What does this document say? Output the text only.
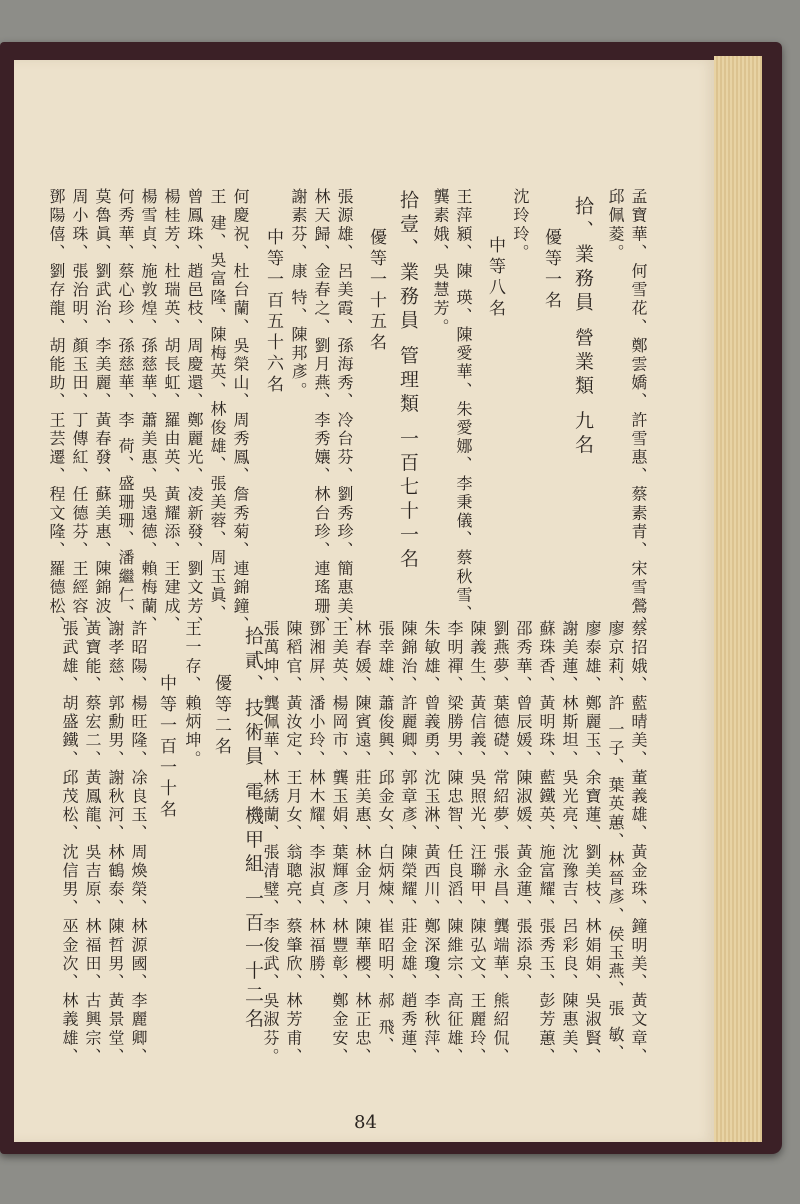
84
孟寶華、何雪花、鄭雲嬌、許雪惠、蔡素青、宋雪鶯、
邱佩菱。
拾、業務員 營業類 九名
優等一名
沈玲玲。
中等八名
王萍潁、陳 瑛、陳愛華、朱愛娜、李秉儀、蔡秋雪、
龔素娥、吳慧芳。
拾壹、業務員 管理類 一百七十一名
優等一十五名
張源雄、呂美霞、孫海秀、冷台芬、劉秀珍、簡惠美、
林天歸、金春之、劉月燕、李秀孃、林台珍、連瑤珊、
謝素芬、康 特、陳邦彥。
中等一百五十六名
何慶祝、杜台蘭、吳榮山、周秀鳳、詹秀菊、連錦鐘、
王 建、吳富隆、陳梅英、林俊雄、張美蓉、周玉眞、
曾鳳珠、趙邑枝、周慶還、鄭麗光、凌新發、劉文芳、
楊桂芳、杜瑞英、胡長虹、羅由英、黃耀添、王建成、
楊雪貞、施敦煌、孫慈華、蕭美惠、吳遠德、賴梅蘭、
何秀華、蔡心珍、孫慈華、李 荷、盛珊珊、潘繼仁、
莫魯眞、劉武治、李美麗、黃春發、蘇美惠、陳錦波、
周小珠、張治明、顏玉田、丁傳紅、任德芬、王經容、
鄧陽僖、劉存龍、胡能助、王芸遷、程文隆、羅德松、
蔡招娥、藍晴美、董義雄、黃金珠、鐘明美、黃文章、
廖京莉、許 一子、葉英蕙、林晉彥、侯玉燕、張 敏、
廖泰雄、鄭麗玉、余寶蓮、劉美枝、林娟娟、吳淑賢、
謝美蓮、林斯坦、吳光亮、沈豫吉、呂彩良、陳惠美、
蘇珠香、黃明珠、藍鐵英、施富耀、張秀玉、彭芳蕙、
邵秀華、曾辰媛、陳淑媛、黃金蓮、張添泉、
劉燕夢、葉德礎、常紹夢、張永昌、龔端華、熊紹侃、
陳義生、黃信義、吳照光、汪聯甲、陳弘文、王麗玲、
李明禪、梁勝男、陳忠智、任良滔、陳維宗、高征雄、
朱敏雄、曾義勇、沈玉淋、黃西川、鄭深瓊、李秋萍、
陳錦治、許麗卿、郭章彥、陳榮耀、莊金雄、趙秀蓮、
張幸雄、蕭俊興、邱金女、白炳煉、崔昭明、郝 飛、
林春媛、陳賓遠、莊美惠、林金月、陳華櫻、林正忠、
王美英、楊岡市、龔玉娟、葉輝彥、林豐彰、鄭金安、
鄧湘屏、潘小玲、林木耀、李淑貞、林福勝、
陳稻官、黃汝定、王月女、翁聰亮、蔡肇欣、林芳甫、
張萬坤、龔佩華、林綉蘭、張清璧、李俊武、吳淑芬。
拾貳、技術員 電機甲組 一百一十二名
優等二名
王一存、賴炳坤。
中等一百一十名
許昭陽、楊旺隆、凃良玉、周煥榮、林源國、李麗卿、
謝孝慈、郭勳男、謝秋河、林鶴泰、陳哲男、黃景堂、
黃寶能、蔡宏二、黃鳳龍、吳吉原、林福田、古興宗、
張武雄、胡盛鐵、邱茂松、沈信男、巫金次、林義雄、
